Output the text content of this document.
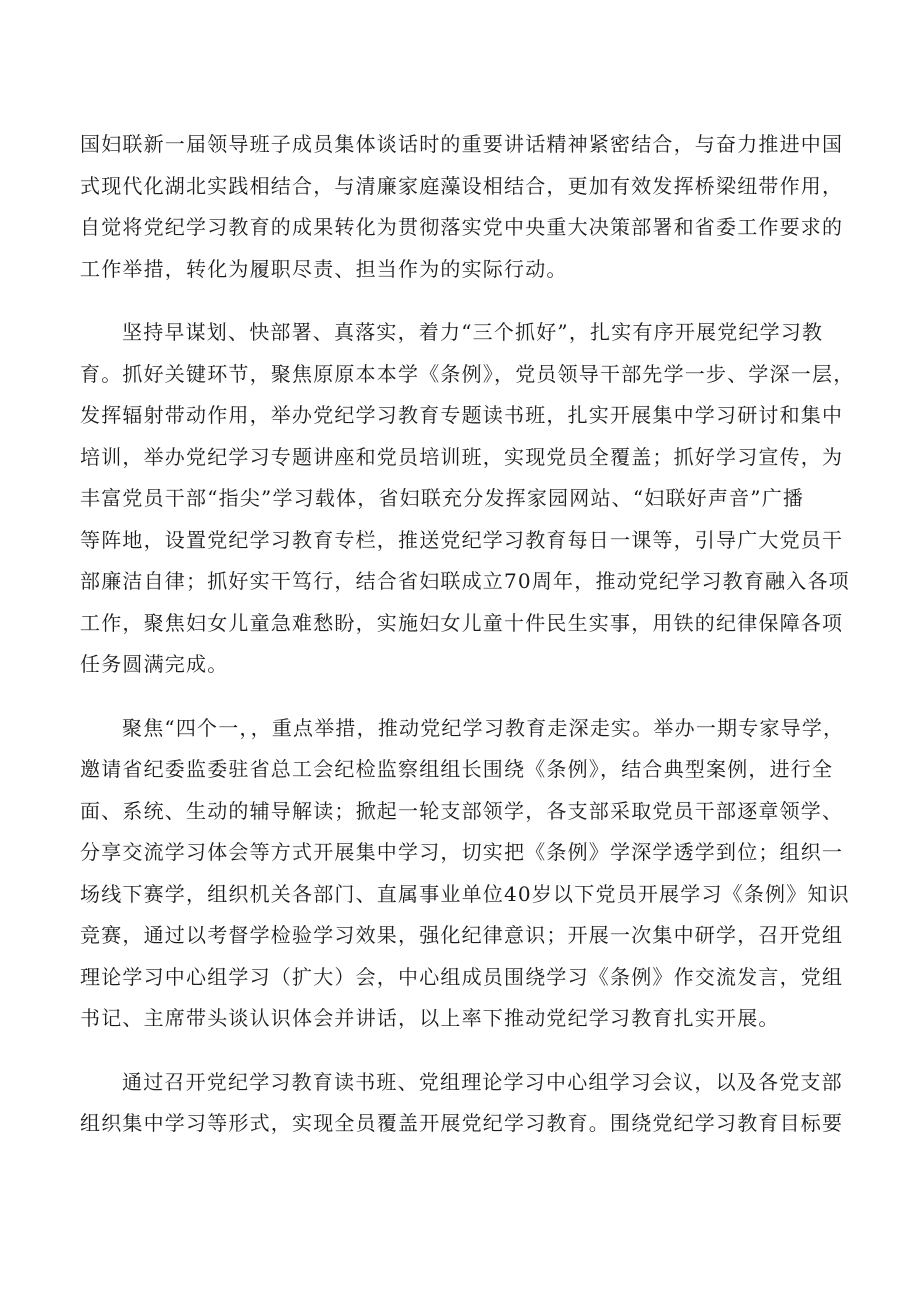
国妇联新一届领导班子成员集体谈话时的重要讲话精神紧密结合，与奋力推进中国
式现代化湖北实践相结合，与清廉家庭藻设相结合，更加有效发挥桥梁纽带作用，
自觉将党纪学习教育的成果转化为贯彻落实党中央重大决策部署和省委工作要求的
工作举措，转化为履职尽责、担当作为的实际行动。

坚持早谋划、快部署、真落实，着力“三个抓好”，扎实有序开展党纪学习教
育。抓好关键环节，聚焦原原本本学《条例》，党员领导干部先学一步、学深一层，
发挥辐射带动作用，举办党纪学习教育专题读书班，扎实开展集中学习研讨和集中
培训，举办党纪学习专题讲座和党员培训班，实现党员全覆盖；抓好学习宣传，为
丰富党员干部“指尖”学习载体，省妇联充分发挥家园网站、“妇联好声音”广播
等阵地，设置党纪学习教育专栏，推送党纪学习教育每日一课等，引导广大党员干
部廉洁自律；抓好实干笃行，结合省妇联成立70周年，推动党纪学习教育融入各项
工作，聚焦妇女儿童急难愁盼，实施妇女儿童十件民生实事，用铁的纪律保障各项
任务圆满完成。

聚焦“四个一，，重点举措，推动党纪学习教育走深走实。举办一期专家导学，
邀请省纪委监委驻省总工会纪检监察组组长围绕《条例》，结合典型案例，进行全
面、系统、生动的辅导解读；掀起一轮支部领学，各支部采取党员干部逐章领学、
分享交流学习体会等方式开展集中学习，切实把《条例》学深学透学到位；组织一
场线下赛学，组织机关各部门、直属事业单位40岁以下党员开展学习《条例》知识
竞赛，通过以考督学检验学习效果，强化纪律意识；开展一次集中研学，召开党组
理论学习中心组学习（扩大）会，中心组成员围绕学习《条例》作交流发言，党组
书记、主席带头谈认识体会并讲话，以上率下推动党纪学习教育扎实开展。

通过召开党纪学习教育读书班、党组理论学习中心组学习会议，以及各党支部
组织集中学习等形式，实现全员覆盖开展党纪学习教育。围绕党纪学习教育目标要
